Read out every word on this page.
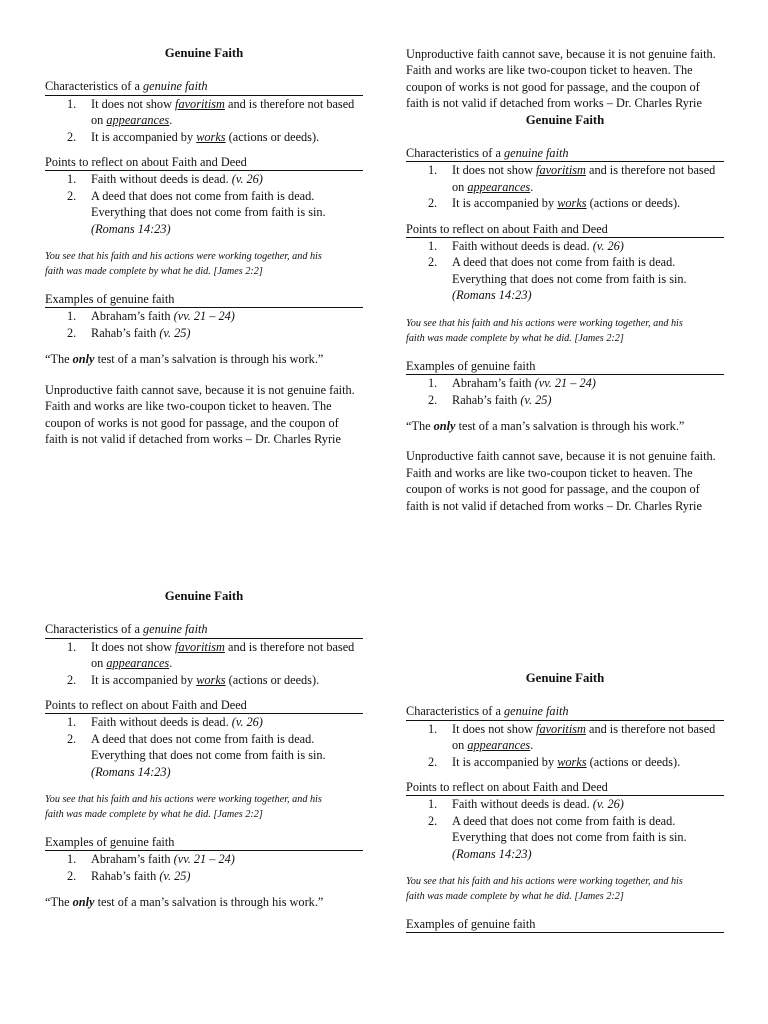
Genuine Faith
Characteristics of a genuine faith
1. It does not show favoritism and is therefore not based on appearances.
2. It is accompanied by works (actions or deeds).
Points to reflect on about Faith and Deed
1. Faith without deeds is dead. (v. 26)
2. A deed that does not come from faith is dead. Everything that does not come from faith is sin. (Romans 14:23)
You see that his faith and his actions were working together, and his faith was made complete by what he did. [James 2:2]
Examples of genuine faith
1. Abraham’s faith (vv. 21 – 24)
2. Rahab’s faith (v. 25)
“The only test of a man’s salvation is through his work.”
Unproductive faith cannot save, because it is not genuine faith. Faith and works are like two-coupon ticket to heaven. The coupon of works is not good for passage, and the coupon of faith is not valid if detached from works – Dr. Charles Ryrie
Unproductive faith cannot save, because it is not genuine faith. Faith and works are like two-coupon ticket to heaven. The coupon of works is not good for passage, and the coupon of faith is not valid if detached from works – Dr. Charles Ryrie
Genuine Faith
Characteristics of a genuine faith
1. It does not show favoritism and is therefore not based on appearances.
2. It is accompanied by works (actions or deeds).
Points to reflect on about Faith and Deed
1. Faith without deeds is dead. (v. 26)
2. A deed that does not come from faith is dead. Everything that does not come from faith is sin. (Romans 14:23)
You see that his faith and his actions were working together, and his faith was made complete by what he did. [James 2:2]
Examples of genuine faith
1. Abraham’s faith (vv. 21 – 24)
2. Rahab’s faith (v. 25)
“The only test of a man’s salvation is through his work.”
Unproductive faith cannot save, because it is not genuine faith. Faith and works are like two-coupon ticket to heaven. The coupon of works is not good for passage, and the coupon of faith is not valid if detached from works – Dr. Charles Ryrie
Genuine Faith
Characteristics of a genuine faith
1. It does not show favoritism and is therefore not based on appearances.
2. It is accompanied by works (actions or deeds).
Points to reflect on about Faith and Deed
1. Faith without deeds is dead. (v. 26)
2. A deed that does not come from faith is dead. Everything that does not come from faith is sin. (Romans 14:23)
You see that his faith and his actions were working together, and his faith was made complete by what he did. [James 2:2]
Examples of genuine faith
1. Abraham’s faith (vv. 21 – 24)
2. Rahab’s faith (v. 25)
“The only test of a man’s salvation is through his work.”
Genuine Faith
Characteristics of a genuine faith
1. It does not show favoritism and is therefore not based on appearances.
2. It is accompanied by works (actions or deeds).
Points to reflect on about Faith and Deed
1. Faith without deeds is dead. (v. 26)
2. A deed that does not come from faith is dead. Everything that does not come from faith is sin. (Romans 14:23)
You see that his faith and his actions were working together, and his faith was made complete by what he did. [James 2:2]
Examples of genuine faith
